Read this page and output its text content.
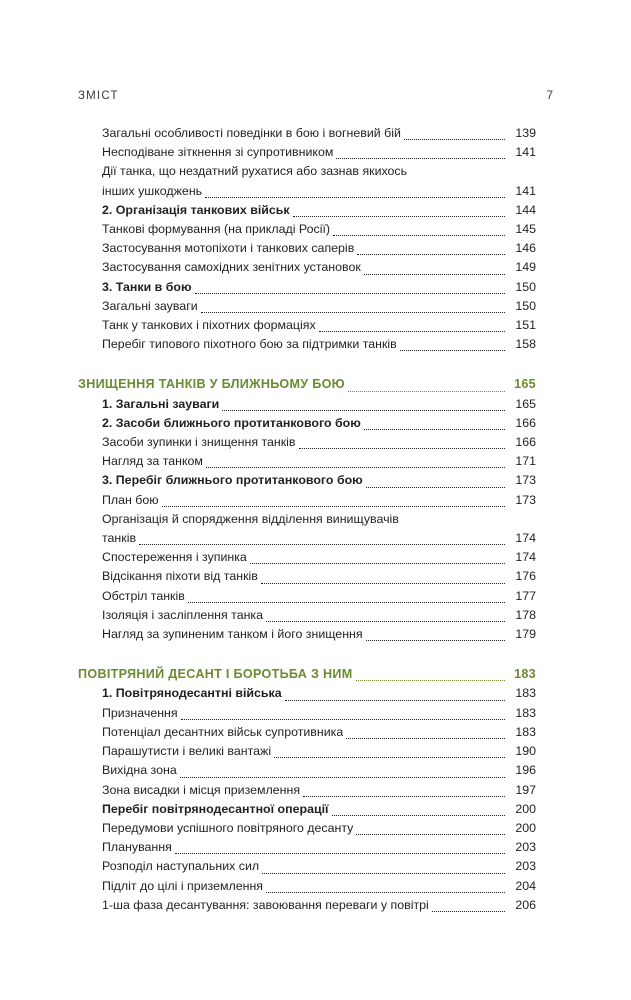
ЗМІСТ	7
Загальні особливості поведінки в бою і вогневий бій	139
Несподіване зіткнення зі супротивником	141
Дії танка, що нездатний рухатися або зазнав якихось
інших ушкоджень	141
2. Організація танкових військ	144
Танкові формування (на прикладі Росії)	145
Застосування мотопіхоти і танкових саперів	146
Застосування самохідних зенітних установок	149
3. Танки в бою	150
Загальні зауваги	150
Танк у танкових і піхотних формаціях	151
Перебіг типового піхотного бою за підтримки танків	158
ЗНИЩЕННЯ ТАНКІВ У БЛИЖНЬОМУ БОЮ	165
1. Загальні зауваги	165
2. Засоби ближнього протитанкового бою	166
Засоби зупинки і знищення танків	166
Нагляд за танком	171
3. Перебіг ближнього протитанкового бою	173
План бою	173
Організація й спорядження відділення винищувачів
танків	174
Спостереження і зупинка	174
Відсікання піхоти від танків	176
Обстріл танків	177
Ізоляція і засліплення танка	178
Нагляд за зупиненим танком і його знищення	179
ПОВІТРЯНИЙ ДЕСАНТ І БОРОТЬБА З НИМ	183
1. Повітрянодесантні війська	183
Призначення	183
Потенціал десантних військ супротивника	183
Парашутисти і великі вантажі	190
Вихідна зона	196
Зона висадки і місця приземлення	197
Перебіг повітрянодесантної операції	200
Передумови успішного повітряного десанту	200
Планування	203
Розподіл наступальних сил	203
Підліт до цілі і приземлення	204
1-ша фаза десантування: завоювання переваги у повітрі	206
